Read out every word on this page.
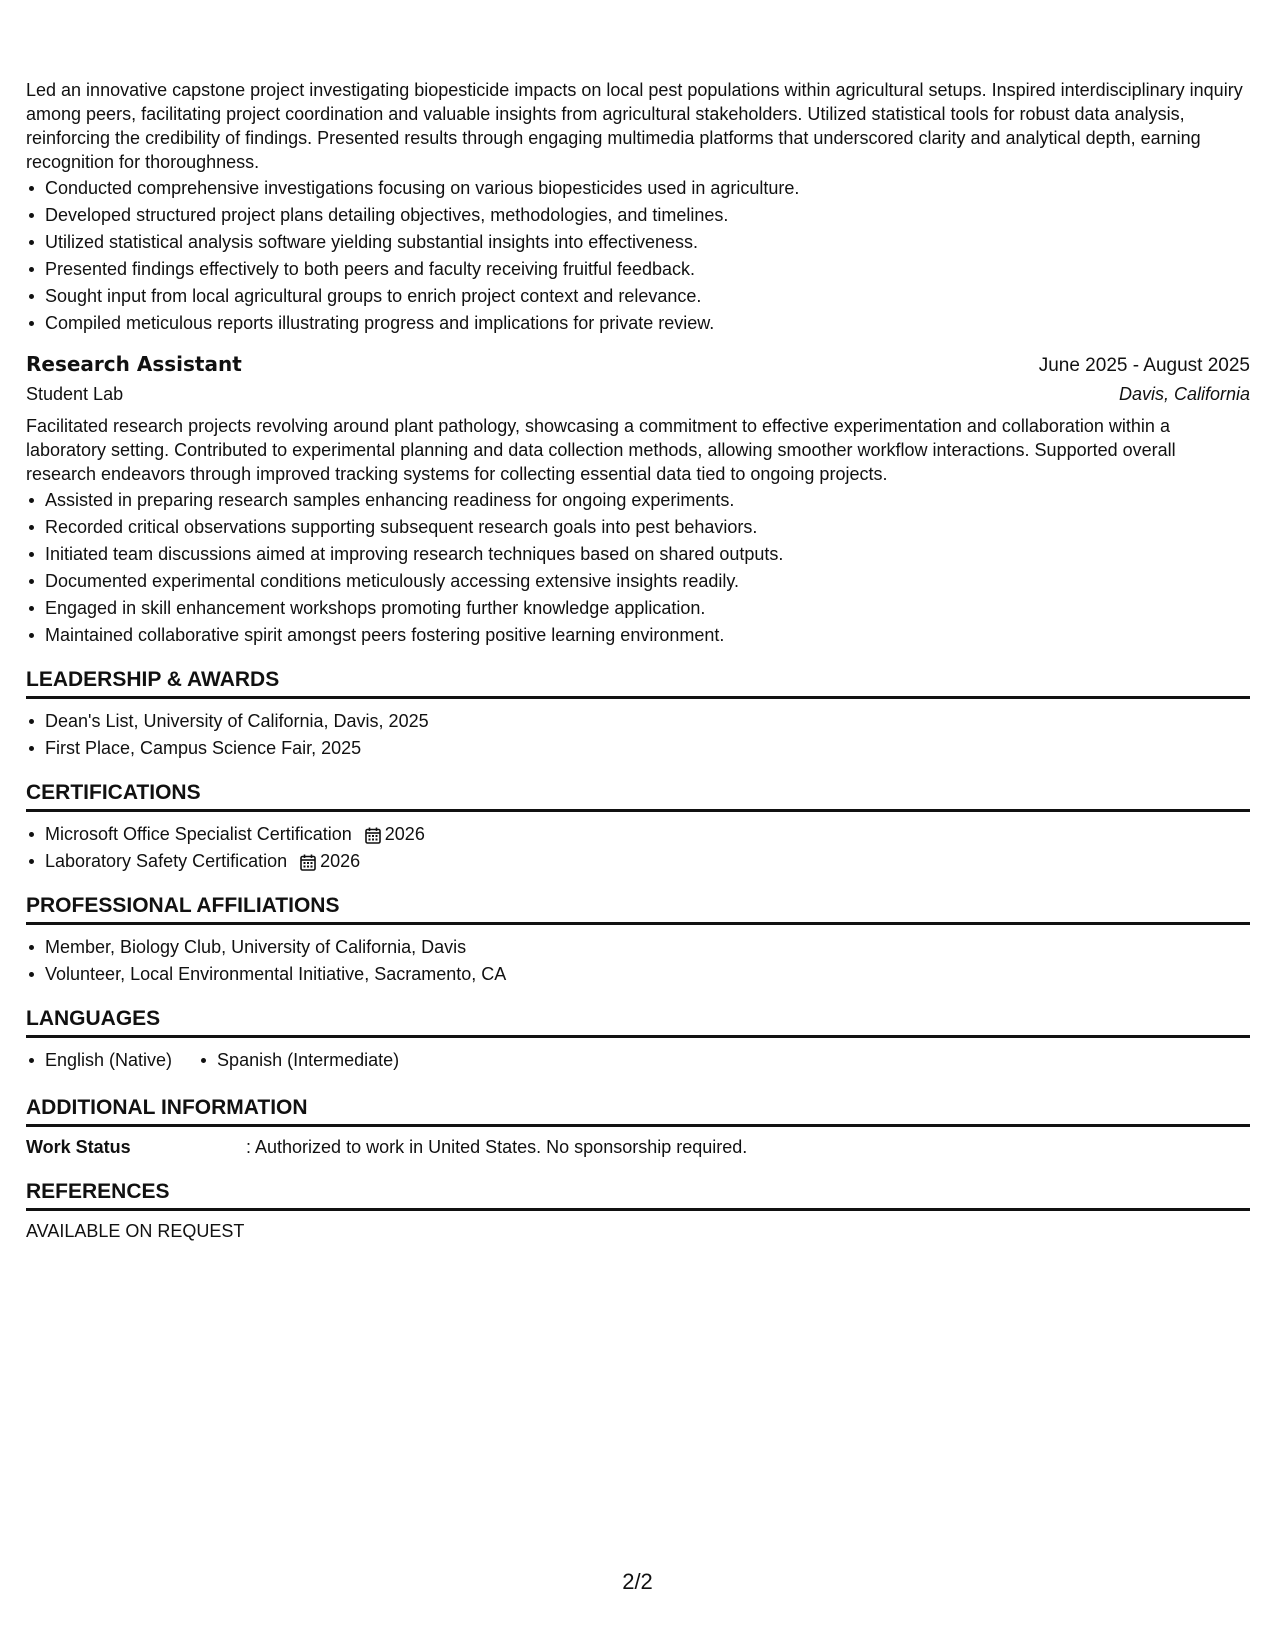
Led an innovative capstone project investigating biopesticide impacts on local pest populations within agricultural setups. Inspired interdisciplinary inquiry among peers, facilitating project coordination and valuable insights from agricultural stakeholders. Utilized statistical tools for robust data analysis, reinforcing the credibility of findings. Presented results through engaging multimedia platforms that underscored clarity and analytical depth, earning recognition for thoroughness.

Conducted comprehensive investigations focusing on various biopesticides used in agriculture.
Developed structured project plans detailing objectives, methodologies, and timelines.
Utilized statistical analysis software yielding substantial insights into effectiveness.
Presented findings effectively to both peers and faculty receiving fruitful feedback.
Sought input from local agricultural groups to enrich project context and relevance.
Compiled meticulous reports illustrating progress and implications for private review.
Research Assistant	June 2025 - August 2025
Student Lab	Davis, California

Facilitated research projects revolving around plant pathology, showcasing a commitment to effective experimentation and collaboration within a laboratory setting. Contributed to experimental planning and data collection methods, allowing smoother workflow interactions. Supported overall research endeavors through improved tracking systems for collecting essential data tied to ongoing projects.

Assisted in preparing research samples enhancing readiness for ongoing experiments.
Recorded critical observations supporting subsequent research goals into pest behaviors.
Initiated team discussions aimed at improving research techniques based on shared outputs.
Documented experimental conditions meticulously accessing extensive insights readily.
Engaged in skill enhancement workshops promoting further knowledge application.
Maintained collaborative spirit amongst peers fostering positive learning environment.
LEADERSHIP & AWARDS
Dean's List, University of California, Davis, 2025
First Place, Campus Science Fair, 2025
CERTIFICATIONS
Microsoft Office Specialist Certification 2026
Laboratory Safety Certification 2026
PROFESSIONAL AFFILIATIONS
Member, Biology Club, University of California, Davis
Volunteer, Local Environmental Initiative, Sacramento, CA
LANGUAGES
English (Native)	Spanish (Intermediate)
ADDITIONAL INFORMATION
Work Status	: Authorized to work in United States. No sponsorship required.
REFERENCES

AVAILABLE ON REQUEST

2/2
